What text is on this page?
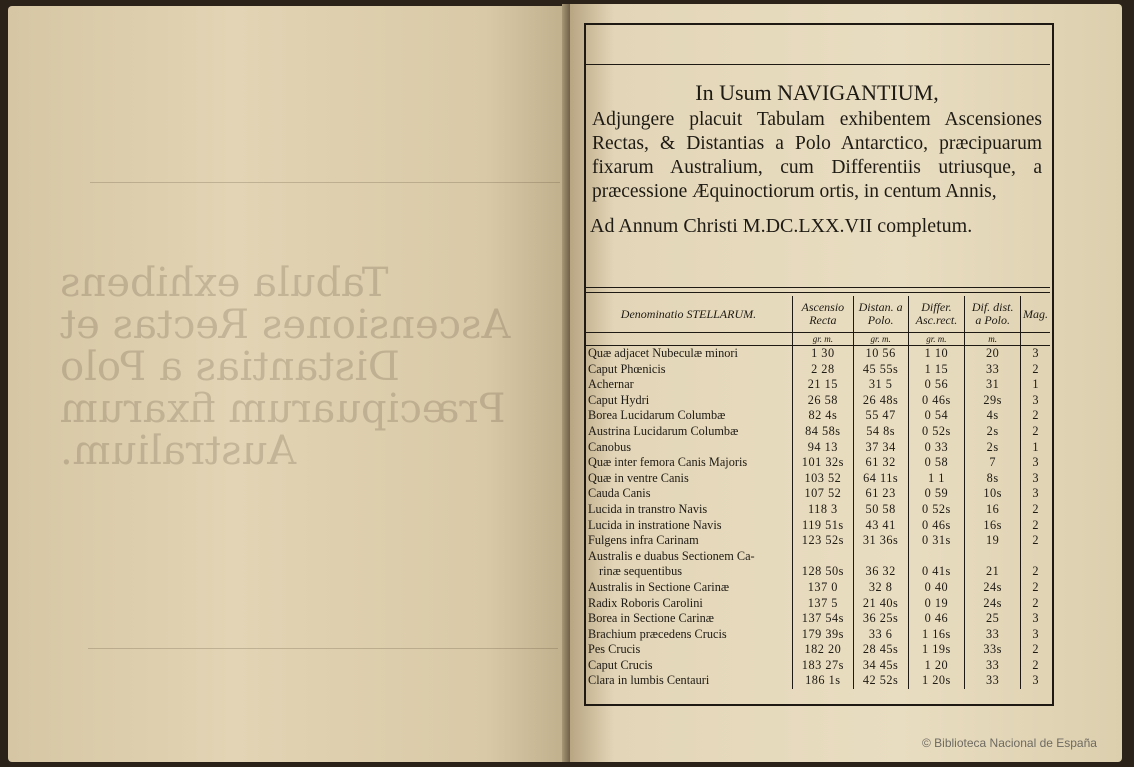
Tabula exhibens Ascensiones Rectas et Distantias a Polo Præcipuarum fixarum Australium.
In Usum NAVIGANTIUM,
Adjungere placuit Tabulam exhibentem Ascensiones Rectas, & Distantias a Polo Antarctico, præcipuarum fixarum Australium, cum Differentiis utriusque, a præcessione Æquinoctiorum ortis, in centum Annis,
Ad Annum Christi M.DC.LXX.VII completum.
Denominatio STELLARUM.	Ascensio Recta	Distan. a Polo.	Differ. Asc.rect.	Dif. dist. a Polo.	Mag.
	gr. m.	gr. m.	gr. m.	m.	
Quæ adjacet Nubeculæ minori	1 30	10 56	1 10	20	3
Caput Phœnicis	2 28	45 55s	1 15	33	2
Achernar	21 15	31 5	0 56	31	1
Caput Hydri	26 58	26 48s	0 46s	29s	3
Borea Lucidarum Columbæ	82 4s	55 47	0 54	4s	2
Austrina Lucidarum Columbæ	84 58s	54 8s	0 52s	2s	2
Canobus	94 13	37 34	0 33	2s	1
Quæ inter femora Canis Majoris	101 32s	61 32	0 58	7	3
Quæ in ventre Canis	103 52	64 11s	1 1	8s	3
Cauda Canis	107 52	61 23	0 59	10s	3
Lucida in transtro Navis	118 3	50 58	0 52s	16	2
Lucida in instratione Navis	119 51s	43 41	0 46s	16s	2
Fulgens infra Carinam	123 52s	31 36s	0 31s	19	2
Australis e duabus Sectionem Ca-					
rinæ sequentibus	128 50s	36 32	0 41s	21	2
Australis in Sectione Carinæ	137 0	32 8	0 40	24s	2
Radix Roboris Carolini	137 5	21 40s	0 19	24s	2
Borea in Sectione Carinæ	137 54s	36 25s	0 46	25	3
Brachium præcedens Crucis	179 39s	33 6	1 16s	33	3
Pes Crucis	182 20	28 45s	1 19s	33s	2
Caput Crucis	183 27s	34 45s	1 20	33	2
Clara in lumbis Centauri	186 1s	42 52s	1 20s	33	3
© Biblioteca Nacional de España
